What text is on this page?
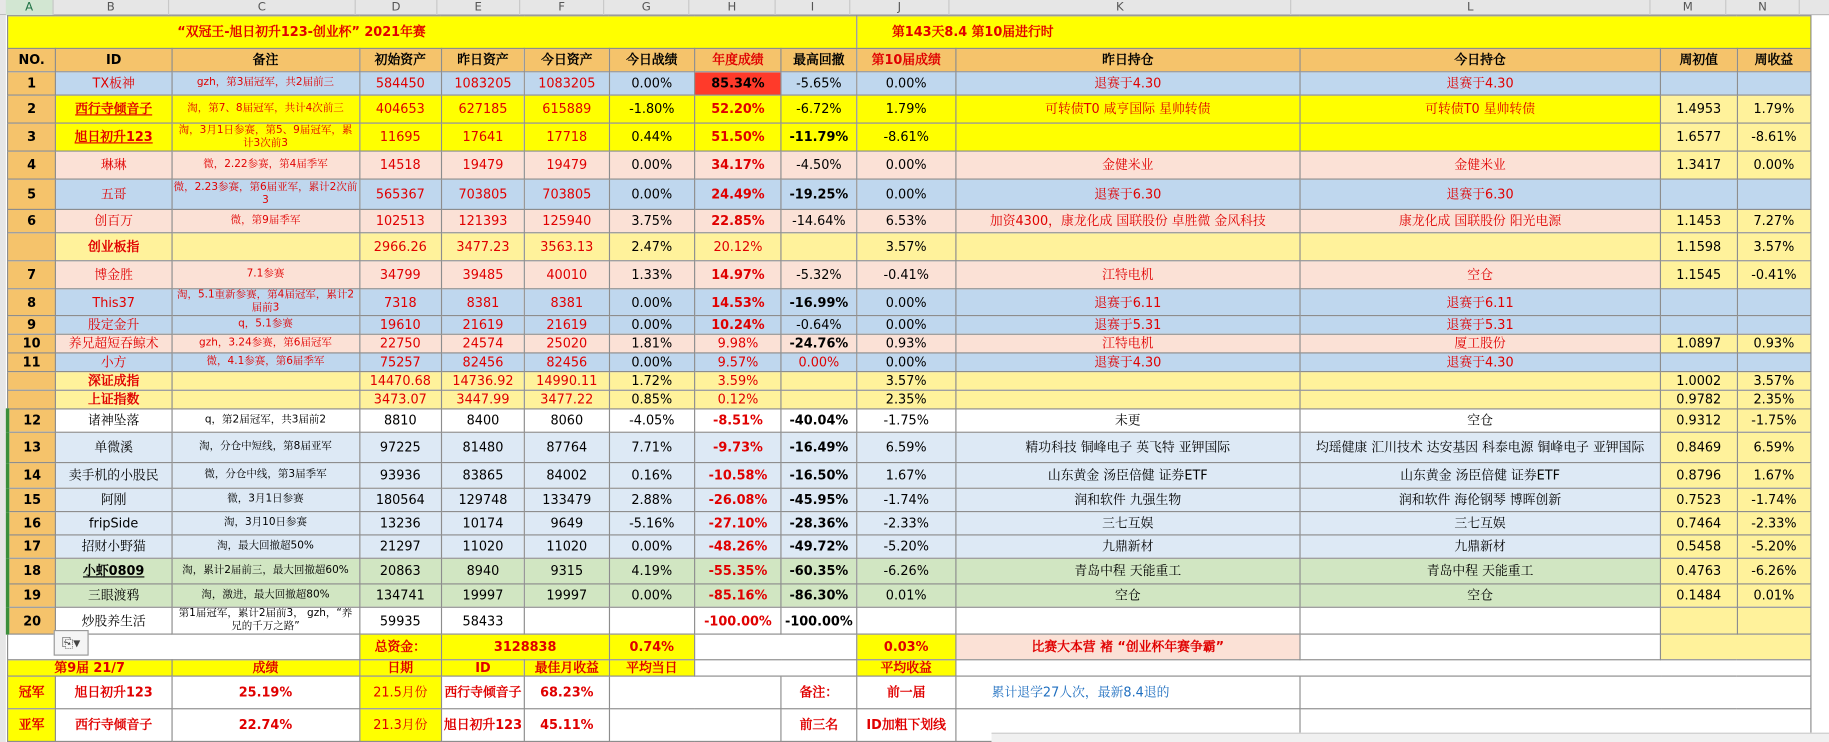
A	B	C	D	E	F	G	H	I	J	K	L	M	N
“双冠王-旭日初升123-创业杯” 2021年赛									第143天8.4 第10届进行时				
NO.	ID	备注	初始资产	昨日资产	今日资产	今日战绩	年度成绩	最高回撤	第10届成绩	昨日持仓	今日持仓	周初值	周收益
1	TX板神	gzh，第3届冠军，共2届前三	584450	1083205	1083205	0.00%	85.34%	-5.65%	0.00%	退赛于4.30	退赛于4.30		
2	西行寺倾音子	淘，第7、8届冠军，共计4次前三	404653	627185	615889	-1.80%	52.20%	-6.72%	1.79%	可转债T0 咸亨国际 星帅转债	可转债T0 星帅转债	1.4953	1.79%
3	旭日初升123	淘，3月1日参赛，第5、9届冠军，累计3次前3	11695	17641	17718	0.44%	51.50%	-11.79%	-8.61%			1.6577	-8.61%
4	琳琳	微，2.22参赛，第4届季军	14518	19479	19479	0.00%	34.17%	-4.50%	0.00%	金健米业	金健米业	1.3417	0.00%
5	五哥	微，2.23参赛，第6届亚军，累计2次前3	565367	703805	703805	0.00%	24.49%	-19.25%	0.00%	退赛于6.30	退赛于6.30		
6	创百万	微，第9届季军	102513	121393	125940	3.75%	22.85%	-14.64%	6.53%	加资4300，康龙化成 国联股份 卓胜微 金风科技	康龙化成 国联股份 阳光电源	1.1453	7.27%
	创业板指		2966.26	3477.23	3563.13	2.47%	20.12%		3.57%			1.1598	3.57%
7	博金胜	7.1参赛	34799	39485	40010	1.33%	14.97%	-5.32%	-0.41%	江特电机	空仓	1.1545	-0.41%
8	This37	淘，5.1重新参赛，第4届冠军，累计2届前3	7318	8381	8381	0.00%	14.53%	-16.99%	0.00%	退赛于6.11	退赛于6.11		
9	股定金升	q，5.1参赛	19610	21619	21619	0.00%	10.24%	-0.64%	0.00%	退赛于5.31	退赛于5.31		
10	养兄超短吞鲸术	gzh，3.24参赛，第6届冠军	22750	24574	25020	1.81%	9.98%	-24.76%	0.93%	江特电机	厦工股份	1.0897	0.93%
11	小方	微，4.1参赛，第6届季军	75257	82456	82456	0.00%	9.57%	0.00%	0.00%	退赛于4.30	退赛于4.30		
	深证成指		14470.68	14736.92	14990.11	1.72%	3.59%		3.57%			1.0002	3.57%
	上证指数		3473.07	3447.99	3477.22	0.85%	0.12%		2.35%			0.9782	2.35%
12	诸神坠落	q，第2届冠军，共3届前2	8810	8400	8060	-4.05%	-8.51%	-40.04%	-1.75%	未更	空仓	0.9312	-1.75%
13	单微溪	淘，分仓中短线，第8届亚军	97225	81480	87764	7.71%	-9.73%	-16.49%	6.59%	精功科技 铜峰电子 英飞特 亚钾国际	均瑶健康 汇川技术 达安基因 科泰电源 铜峰电子 亚钾国际	0.8469	6.59%
14	卖手机的小股民	微，分仓中线，第3届季军	93936	83865	84002	0.16%	-10.58%	-16.50%	1.67%	山东黄金 汤臣倍健 证券ETF	山东黄金 汤臣倍健 证券ETF	0.8796	1.67%
15	阿刚	微，3月1日参赛	180564	129748	133479	2.88%	-26.08%	-45.95%	-1.74%	润和软件 九强生物	润和软件 海伦钢琴 博晖创新	0.7523	-1.74%
16	fripSide	淘，3月10日参赛	13236	10174	9649	-5.16%	-27.10%	-28.36%	-2.33%	三七互娱	三七互娱	0.7464	-2.33%
17	招财小野猫	淘，最大回撤超50%	21297	11020	11020	0.00%	-48.26%	-49.72%	-5.20%	九鼎新材	九鼎新材	0.5458	-5.20%
18	小虾0809	淘，累计2届前三，最大回撤超60%	20863	8940	9315	4.19%	-55.35%	-60.35%	-6.26%	青岛中程 天能重工	青岛中程 天能重工	0.4763	-6.26%
19	三眼渡鸦	淘，激进，最大回撤超80%	134741	19997	19997	0.00%	-85.16%	-86.30%	0.01%	空仓	空仓	0.1484	0.01%
20	炒股养生活	第1届冠军，累计2届前3， gzh，“养兄的千万之路”	59935	58433			-100.00%	-100.00%					
			总资金：	3128838		0.74%			0.03%	比赛大本营 褚 “创业杯年赛争霸”			
第9届 21/7		成绩	日期	ID	最佳月收益	平均当日			平均收益				
冠军	旭日初升123	25.19%	21.5月份	西行寺倾音子	68.23%			备注：	前一届	累计退学27人次，最新8.4退的			
亚军	西行寺倾音子	22.74%	21.3月份	旭日初升123	45.11%			前三名	ID加粗下划线				
⎘▾
